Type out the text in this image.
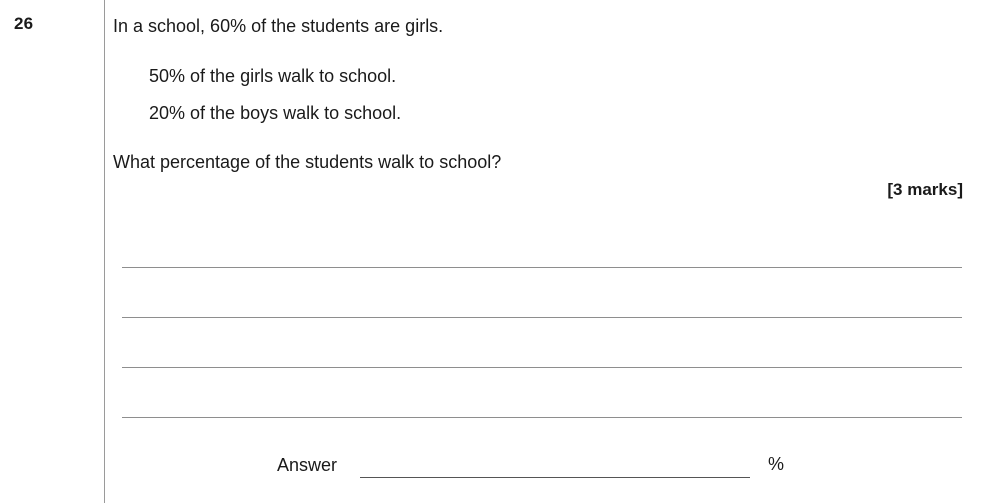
26	In a school, 60% of the students are girls.
50% of the girls walk to school.
20% of the boys walk to school.
What percentage of the students walk to school?
[3 marks]
Answer	%
